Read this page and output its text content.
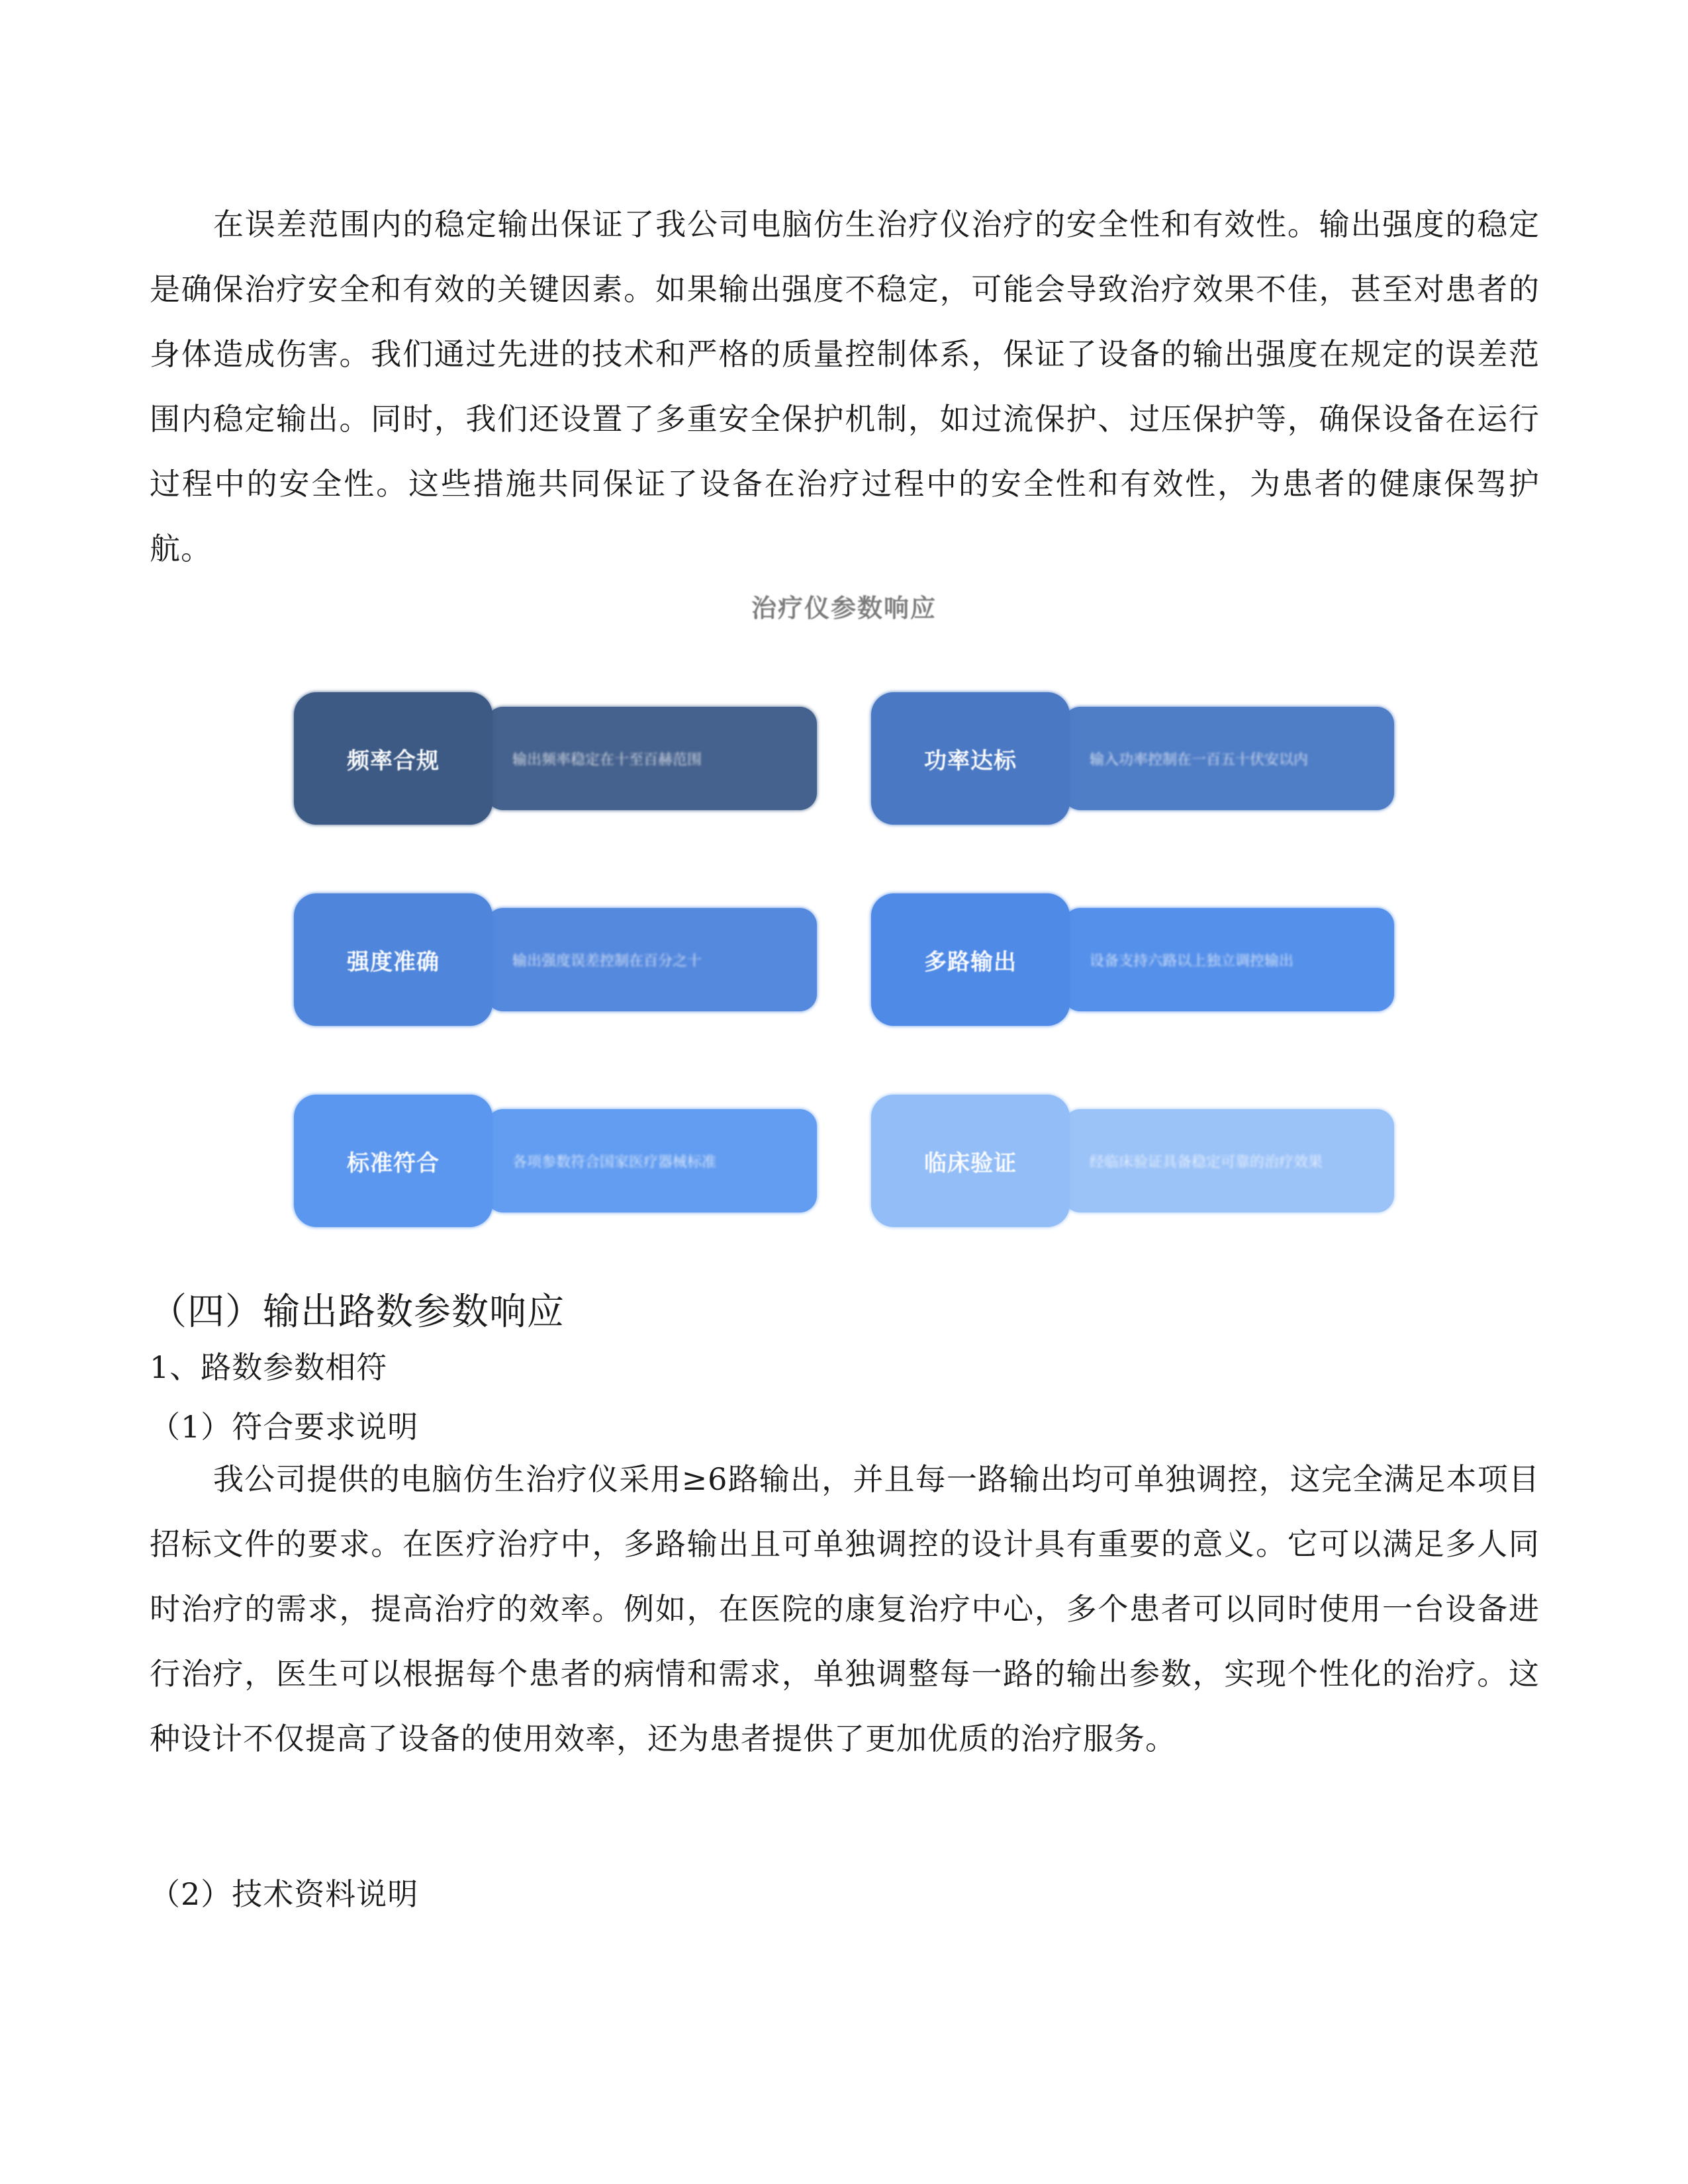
在误差范围内的稳定输出保证了我公司电脑仿生治疗仪治疗的安全性和有效性。输出强度的稳定是确保治疗安全和有效的关键因素。如果输出强度不稳定，可能会导致治疗效果不佳，甚至对患者的身体造成伤害。我们通过先进的技术和严格的质量控制体系，保证了设备的输出强度在规定的误差范围内稳定输出。同时，我们还设置了多重安全保护机制，如过流保护、过压保护等，确保设备在运行过程中的安全性。这些措施共同保证了设备在治疗过程中的安全性和有效性，为患者的健康保驾护航。

治疗仪参数响应
频率合规	输出频率稳定在十至百赫范围	功率达标	输入功率控制在一百五十伏安以内
强度准确	输出强度误差控制在百分之十	多路输出	设备支持六路以上独立调控输出
标准符合	各项参数符合国家医疗器械标准	临床验证	经临床验证具备稳定可靠的治疗效果
（四）输出路数参数响应

1、路数参数相符

（1）符合要求说明

我公司提供的电脑仿生治疗仪采用≥6路输出，并且每一路输出均可单独调控，这完全满足本项目招标文件的要求。在医疗治疗中，多路输出且可单独调控的设计具有重要的意义。它可以满足多人同时治疗的需求，提高治疗的效率。例如，在医院的康复治疗中心，多个患者可以同时使用一台设备进行治疗，医生可以根据每个患者的病情和需求，单独调整每一路的输出参数，实现个性化的治疗。这种设计不仅提高了设备的使用效率，还为患者提供了更加优质的治疗服务。

（2）技术资料说明
